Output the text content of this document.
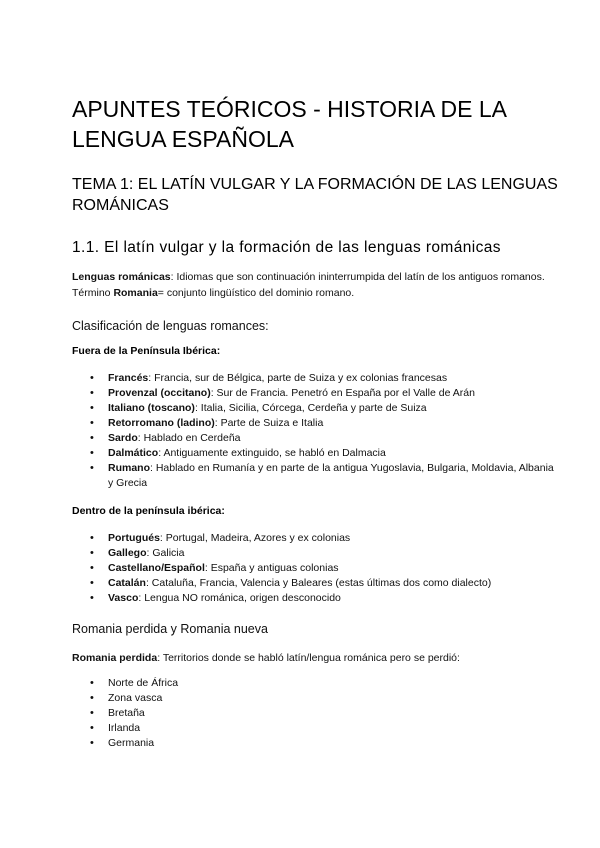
APUNTES TEÓRICOS - HISTORIA DE LA LENGUA ESPAÑOLA
TEMA 1: EL LATÍN VULGAR Y LA FORMACIÓN DE LAS LENGUAS ROMÁNICAS
1.1. El latín vulgar y la formación de las lenguas románicas

Lenguas románicas: Idiomas que son continuación ininterrumpida del latín de los antiguos romanos. Término Romania= conjunto lingüístico del dominio romano.

Clasificación de lenguas romances:
Fuera de la Península Ibérica:
• Francés: Francia, sur de Bélgica, parte de Suiza y ex colonias francesas
• Provenzal (occitano): Sur de Francia. Penetró en España por el Valle de Arán
• Italiano (toscano): Italia, Sicilia, Córcega, Cerdeña y parte de Suiza
• Retorromano (ladino): Parte de Suiza e Italia
• Sardo: Hablado en Cerdeña
• Dalmático: Antiguamente extinguido, se habló en Dalmacia
• Rumano: Hablado en Rumanía y en parte de la antigua Yugoslavia, Bulgaria, Moldavia, Albania y Grecia
Dentro de la península ibérica:
• Portugués: Portugal, Madeira, Azores y ex colonias
• Gallego: Galicia
• Castellano/Español: España y antiguas colonias
• Catalán: Cataluña, Francia, Valencia y Baleares (estas últimas dos como dialecto)
• Vasco: Lengua NO románica, origen desconocido
Romania perdida y Romania nueva

Romania perdida: Territorios donde se habló latín/lengua románica pero se perdió:

• Norte de África
• Zona vasca
• Bretaña
• Irlanda
• Germania
